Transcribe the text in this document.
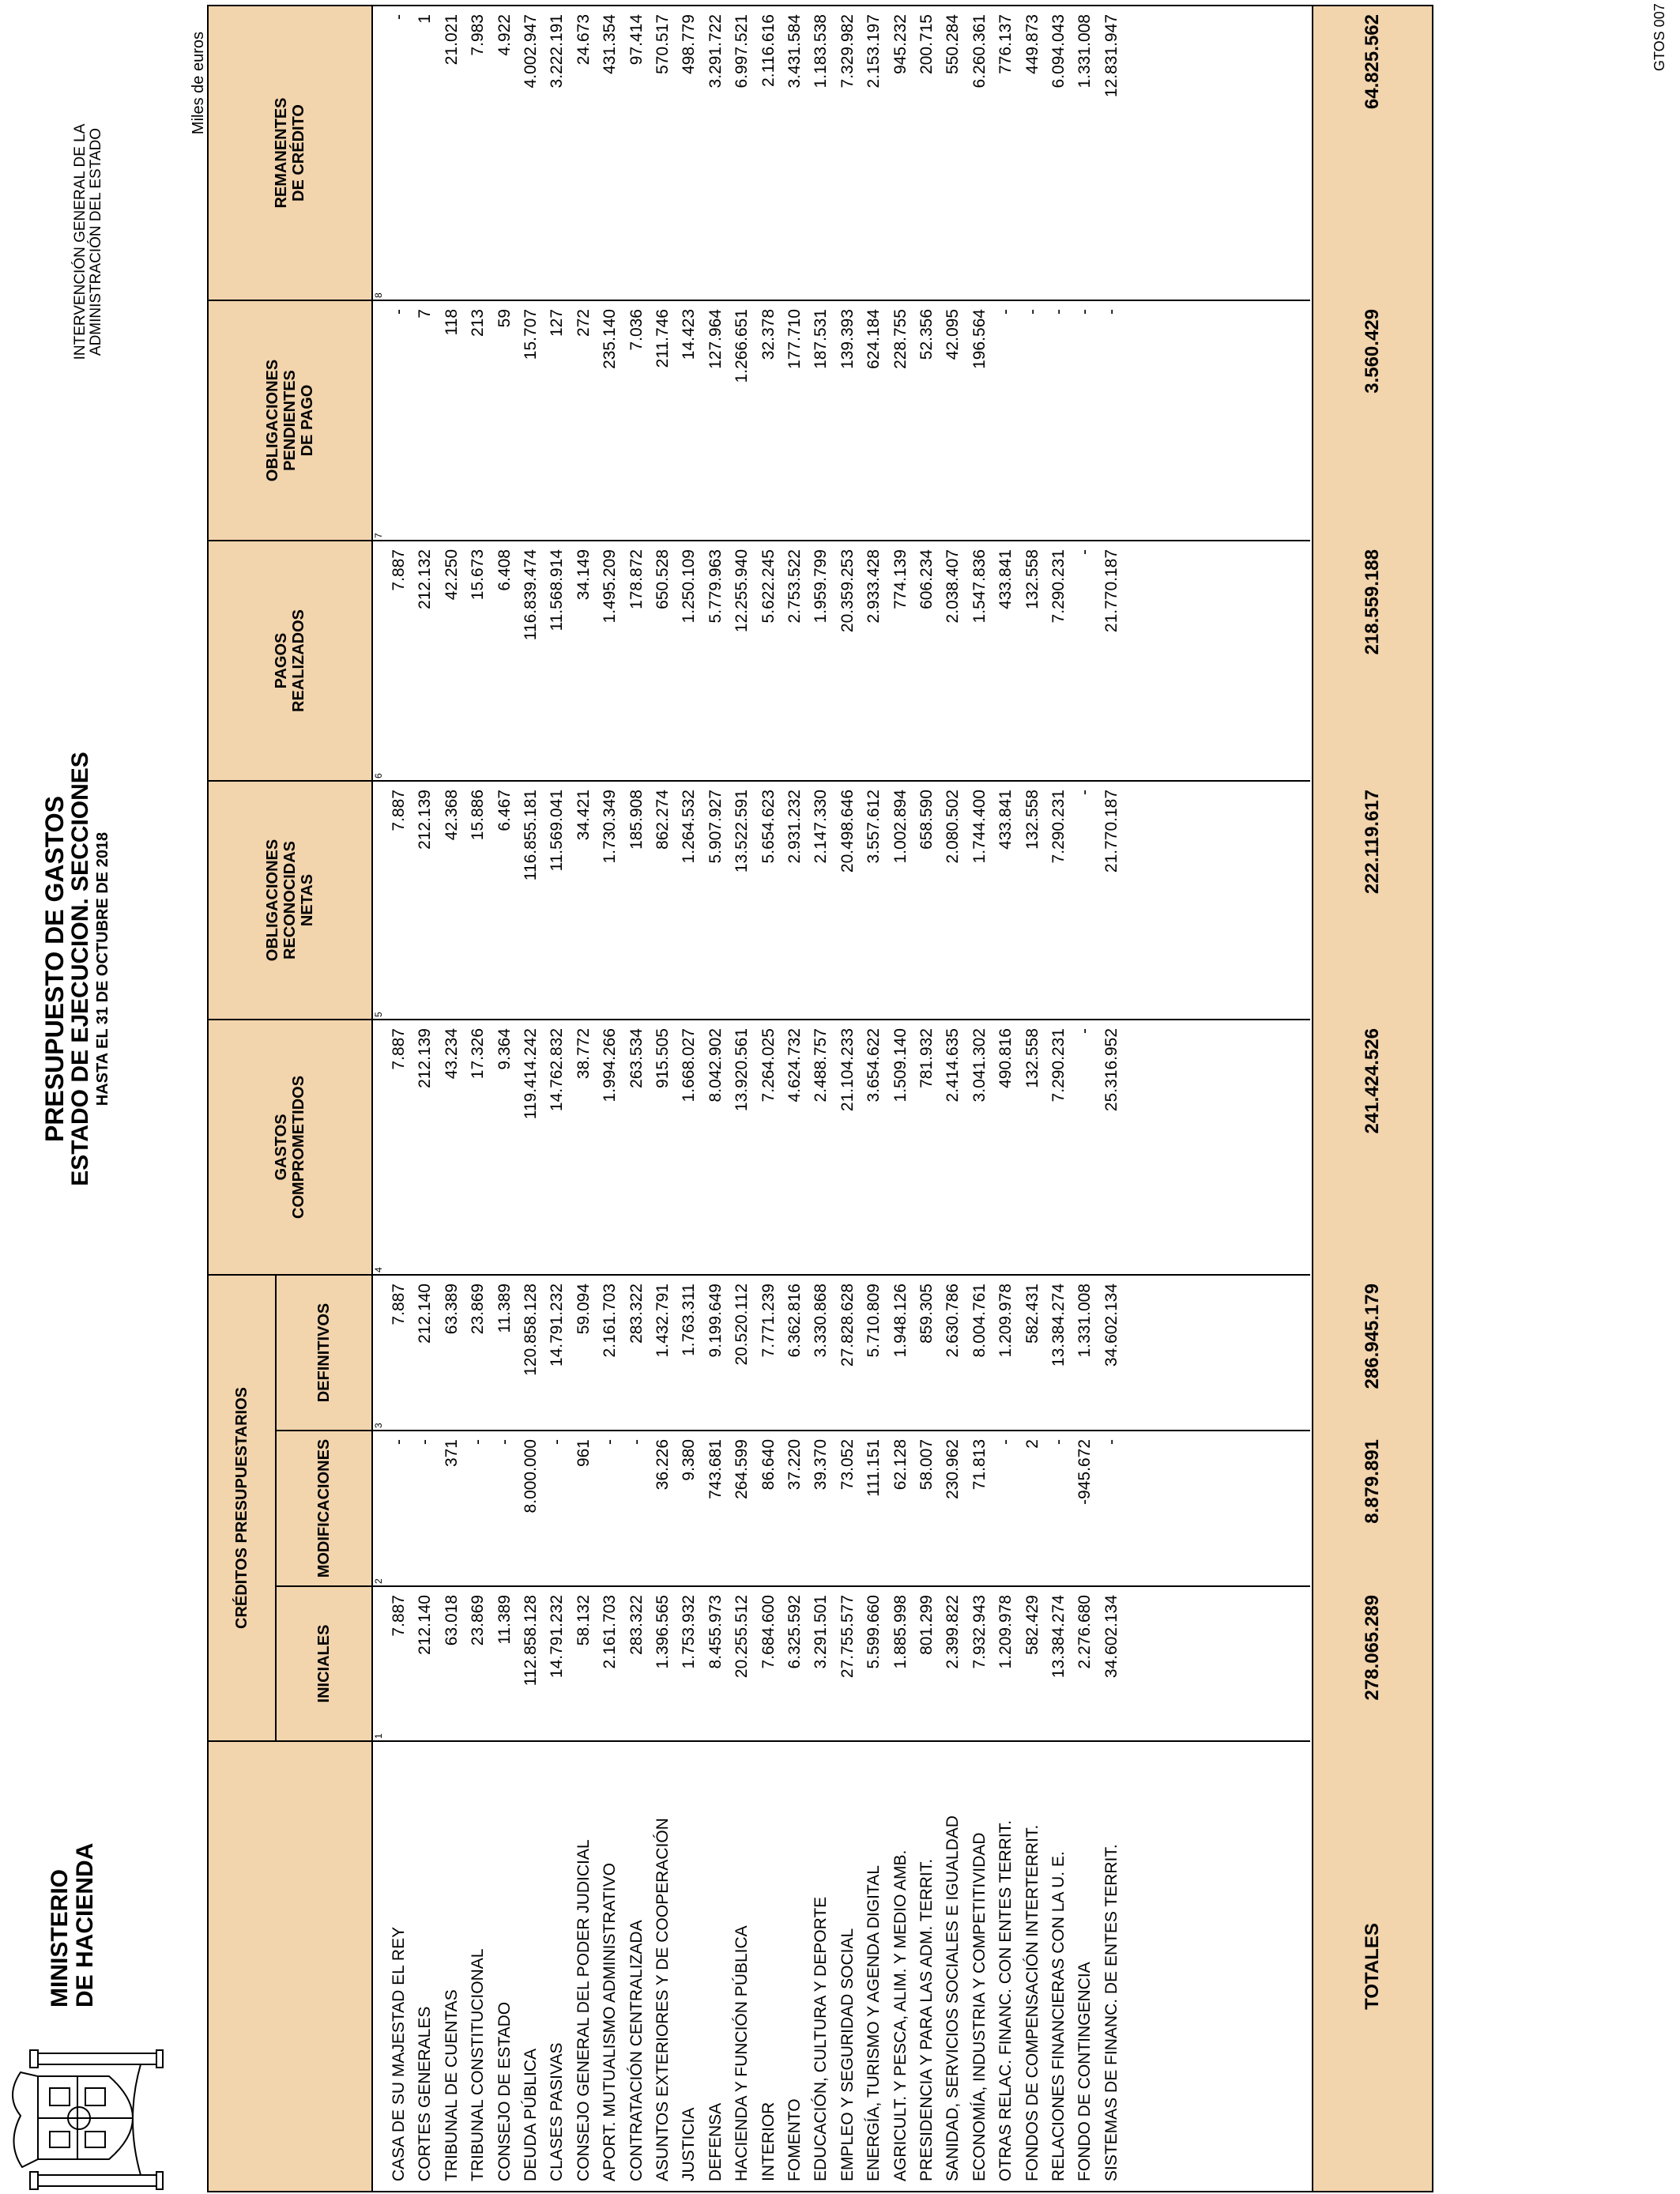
MINISTERIO DE HACIENDA
PRESUPUESTO DE GASTOS
ESTADO DE EJECUCION. SECCIONES HASTA EL 31 DE OCTUBRE DE 2018
INTERVENCIÓN GENERAL DE LA ADMINISTRACIÓN DEL ESTADO
Miles de euros
CRÉDITOS PRESUPUESTARIOS
INICIALES
MODIFICACIONES
DEFINITIVOS
GASTOS
COMPROMETIDOS
OBLIGACIONES
RECONOCIDAS
NETAS
PAGOS
REALIZADOS
OBLIGACIONES
PENDIENTES
DE PAGO
REMANENTES
DE CRÉDITO
1
2
3
4
5
6
7
8
CASA DE SU MAJESTAD EL REY
7.887
-
7.887
7.887
7.887
7.887
-
-
CORTES GENERALES
212.140
-
212.140
212.139
212.139
212.132
7
1
TRIBUNAL DE CUENTAS
63.018
371
63.389
43.234
42.368
42.250
118
21.021
TRIBUNAL CONSTITUCIONAL
23.869
-
23.869
17.326
15.886
15.673
213
7.983
CONSEJO DE ESTADO
11.389
-
11.389
9.364
6.467
6.408
59
4.922
DEUDA PÚBLICA
112.858.128
8.000.000
120.858.128
119.414.242
116.855.181
116.839.474
15.707
4.002.947
CLASES PASIVAS
14.791.232
-
14.791.232
14.762.832
11.569.041
11.568.914
127
3.222.191
CONSEJO GENERAL DEL PODER JUDICIAL
58.132
961
59.094
38.772
34.421
34.149
272
24.673
APORT. MUTUALISMO ADMINISTRATIVO
2.161.703
-
2.161.703
1.994.266
1.730.349
1.495.209
235.140
431.354
CONTRATACIÓN CENTRALIZADA
283.322
-
283.322
263.534
185.908
178.872
7.036
97.414
ASUNTOS EXTERIORES Y DE COOPERACIÓN
1.396.565
36.226
1.432.791
915.505
862.274
650.528
211.746
570.517
JUSTICIA
1.753.932
9.380
1.763.311
1.668.027
1.264.532
1.250.109
14.423
498.779
DEFENSA
8.455.973
743.681
9.199.649
8.042.902
5.907.927
5.779.963
127.964
3.291.722
HACIENDA Y FUNCIÓN PÚBLICA
20.255.512
264.599
20.520.112
13.920.561
13.522.591
12.255.940
1.266.651
6.997.521
INTERIOR
7.684.600
86.640
7.771.239
7.264.025
5.654.623
5.622.245
32.378
2.116.616
FOMENTO
6.325.592
37.220
6.362.816
4.624.732
2.931.232
2.753.522
177.710
3.431.584
EDUCACIÓN, CULTURA Y DEPORTE
3.291.501
39.370
3.330.868
2.488.757
2.147.330
1.959.799
187.531
1.183.538
EMPLEO Y SEGURIDAD SOCIAL
27.755.577
73.052
27.828.628
21.104.233
20.498.646
20.359.253
139.393
7.329.982
ENERGÍA, TURISMO Y AGENDA DIGITAL
5.599.660
111.151
5.710.809
3.654.622
3.557.612
2.933.428
624.184
2.153.197
AGRICULT. Y PESCA, ALIM. Y MEDIO AMB.
1.885.998
62.128
1.948.126
1.509.140
1.002.894
774.139
228.755
945.232
PRESIDENCIA Y PARA LAS ADM. TERRIT.
801.299
58.007
859.305
781.932
658.590
606.234
52.356
200.715
SANIDAD, SERVICIOS SOCIALES E IGUALDAD
2.399.822
230.962
2.630.786
2.414.635
2.080.502
2.038.407
42.095
550.284
ECONOMÍA, INDUSTRIA Y COMPETITIVIDAD
7.932.943
71.813
8.004.761
3.041.302
1.744.400
1.547.836
196.564
6.260.361
OTRAS RELAC. FINANC. CON ENTES TERRIT.
1.209.978
-
1.209.978
490.816
433.841
433.841
-
776.137
FONDOS DE COMPENSACIÓN INTERTERRIT.
582.429
2
582.431
132.558
132.558
132.558
-
449.873
RELACIONES FINANCIERAS CON LA U. E.
13.384.274
-
13.384.274
7.290.231
7.290.231
7.290.231
-
6.094.043
FONDO DE CONTINGENCIA
2.276.680
-945.672
1.331.008
-
-
-
-
1.331.008
SISTEMAS DE FINANC. DE ENTES TERRIT.
34.602.134
-
34.602.134
25.316.952
21.770.187
21.770.187
-
12.831.947
TOTALES
278.065.289
8.879.891
286.945.179
241.424.526
222.119.617
218.559.188
3.560.429
64.825.562	GTOS 007
